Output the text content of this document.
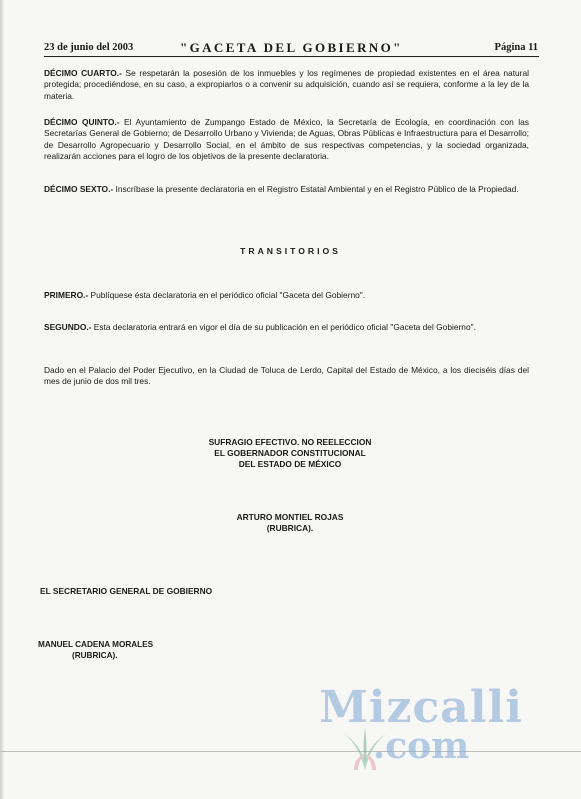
23 de junio del 2003	"GACETA DEL GOBIERNO"	Página 11
DÉCIMO CUARTO.- Se respetarán la posesión de los inmuebles y los regímenes de propiedad existentes en el área natural protegida; procediéndose, en su caso, a expropiarlos o a convenir su adquisición, cuando así se requiera, conforme a la ley de la materia.
DÉCIMO QUINTO.- El Ayuntamiento de Zumpango Estado de México, la Secretaría de Ecología, en coordinación con las Secretarías General de Gobierno; de Desarrollo Urbano y Vivienda; de Aguas, Obras Públicas e Infraestructura para el Desarrollo; de Desarrollo Agropecuario y Desarrollo Social, en el ámbito de sus respectivas competencias, y la sociedad organizada, realizarán acciones para el logro de los objetivos de la presente declaratoria.
DÉCIMO SEXTO.- Inscríbase la presente declaratoria en el Registro Estatal Ambiental y en el Registro Público de la Propiedad.
TRANSITORIOS
PRIMERO.- Publíquese ésta declaratoria en el periódico oficial "Gaceta del Gobierno".
SEGUNDO.- Esta declaratoria entrará en vigor el día de su publicación en el periódico oficial "Gaceta del Gobierno".
Dado en el Palacio del Poder Ejecutivo, en la Ciudad de Toluca de Lerdo, Capital del Estado de México, a los dieciséis días del mes de junio de dos mil tres.
SUFRAGIO EFECTIVO. NO REELECCION
EL GOBERNADOR CONSTITUCIONAL
DEL ESTADO DE MÉXICO
ARTURO MONTIEL ROJAS
(RUBRICA).
EL SECRETARIO GENERAL DE GOBIERNO
MANUEL CADENA MORALES
(RUBRICA).
Mizcalli
.com
